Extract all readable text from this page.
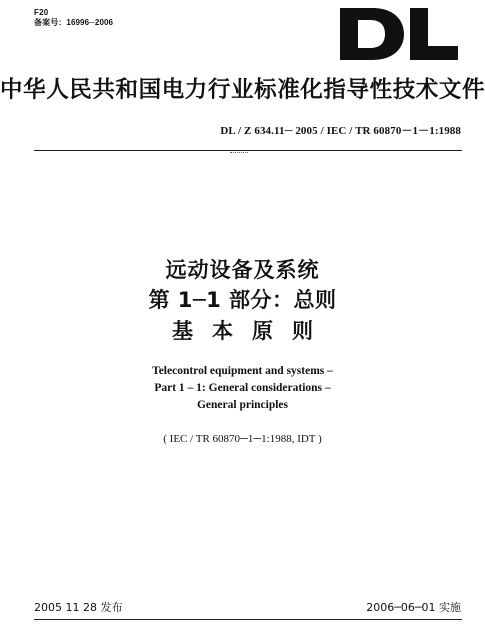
F20
备案号：16996─2006
中华人民共和国电力行业标准化指导性技术文件
DL / Z 634.11─ 2005 / IEC / TR 60870－1－1:1988
远动设备及系统
第 1─1 部分：总则
基本原则
Telecontrol equipment and systems –
Part 1 – 1: General considerations –
General principles
( IEC / TR 60870─1─1:1988, IDT )
2005 11 28 发布	2006─06─01 实施
